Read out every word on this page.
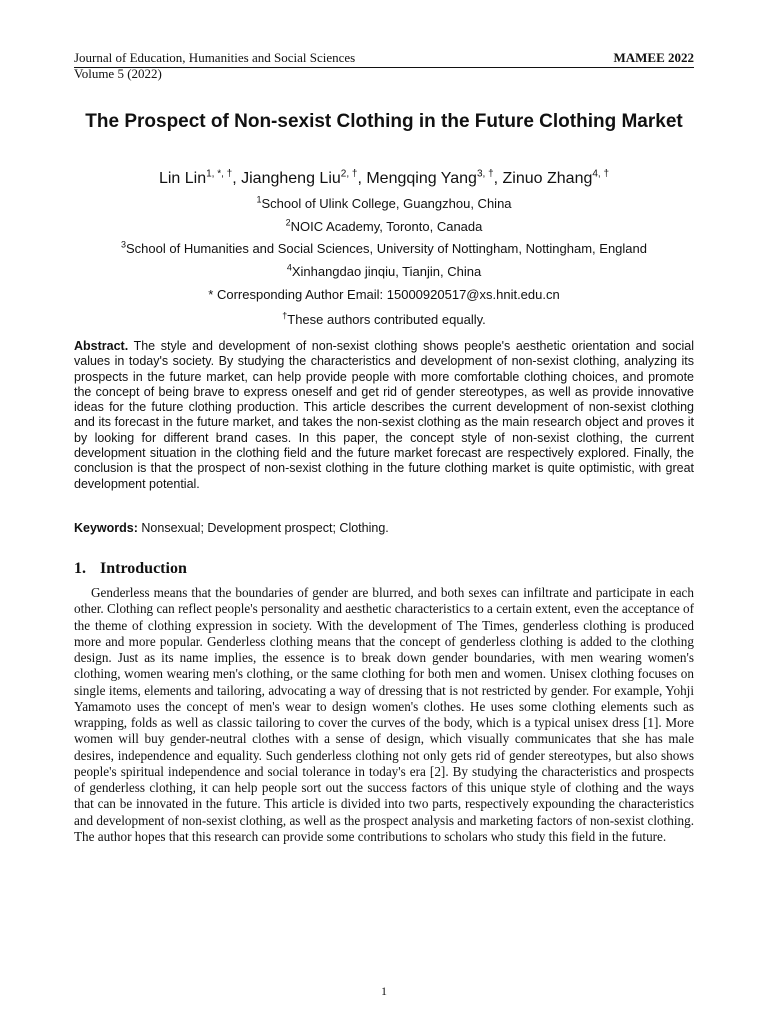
Journal of Education, Humanities and Social Sciences	MAMEE 2022
Volume 5 (2022)
The Prospect of Non-sexist Clothing in the Future Clothing Market
Lin Lin$^{1, *, \dagger}$, Jiangheng Liu$^{2, \dagger}$, Mengqing Yang$^{3, \dagger}$, Zinuo Zhang$^{4, \dagger}$
$^1$School of Ulink College, Guangzhou, China
$^2$NOIC Academy, Toronto, Canada
$^3$School of Humanities and Social Sciences, University of Nottingham, Nottingham, England
$^4$Xinhangdao jinqiu, Tianjin, China
* Corresponding Author Email: 15000920517@xs.hnit.edu.cn
†These authors contributed equally.
Abstract. The style and development of non-sexist clothing shows people's aesthetic orientation and social values in today's society. By studying the characteristics and development of non-sexist clothing, analyzing its prospects in the future market, can help provide people with more comfortable clothing choices, and promote the concept of being brave to express oneself and get rid of gender stereotypes, as well as provide innovative ideas for the future clothing production. This article describes the current development of non-sexist clothing and its forecast in the future market, and takes the non-sexist clothing as the main research object and proves it by looking for different brand cases. In this paper, the concept style of non-sexist clothing, the current development situation in the clothing field and the future market forecast are respectively explored. Finally, the conclusion is that the prospect of non-sexist clothing in the future clothing market is quite optimistic, with great development potential.
Keywords: Nonsexual; Development prospect; Clothing.
1. Introduction
Genderless means that the boundaries of gender are blurred, and both sexes can infiltrate and participate in each other. Clothing can reflect people's personality and aesthetic characteristics to a certain extent, even the acceptance of the theme of clothing expression in society. With the development of The Times, genderless clothing is produced more and more popular. Genderless clothing means that the concept of genderless clothing is added to the clothing design. Just as its name implies, the essence is to break down gender boundaries, with men wearing women's clothing, women wearing men's clothing, or the same clothing for both men and women. Unisex clothing focuses on single items, elements and tailoring, advocating a way of dressing that is not restricted by gender. For example, Yohji Yamamoto uses the concept of men's wear to design women's clothes. He uses some clothing elements such as wrapping, folds as well as classic tailoring to cover the curves of the body, which is a typical unisex dress [1]. More women will buy gender-neutral clothes with a sense of design, which visually communicates that she has male desires, independence and equality. Such genderless clothing not only gets rid of gender stereotypes, but also shows people's spiritual independence and social tolerance in today's era [2]. By studying the characteristics and prospects of genderless clothing, it can help people sort out the success factors of this unique style of clothing and the ways that can be innovated in the future. This article is divided into two parts, respectively expounding the characteristics and development of non-sexist clothing, as well as the prospect analysis and marketing factors of non-sexist clothing. The author hopes that this research can provide some contributions to scholars who study this field in the future.
1
